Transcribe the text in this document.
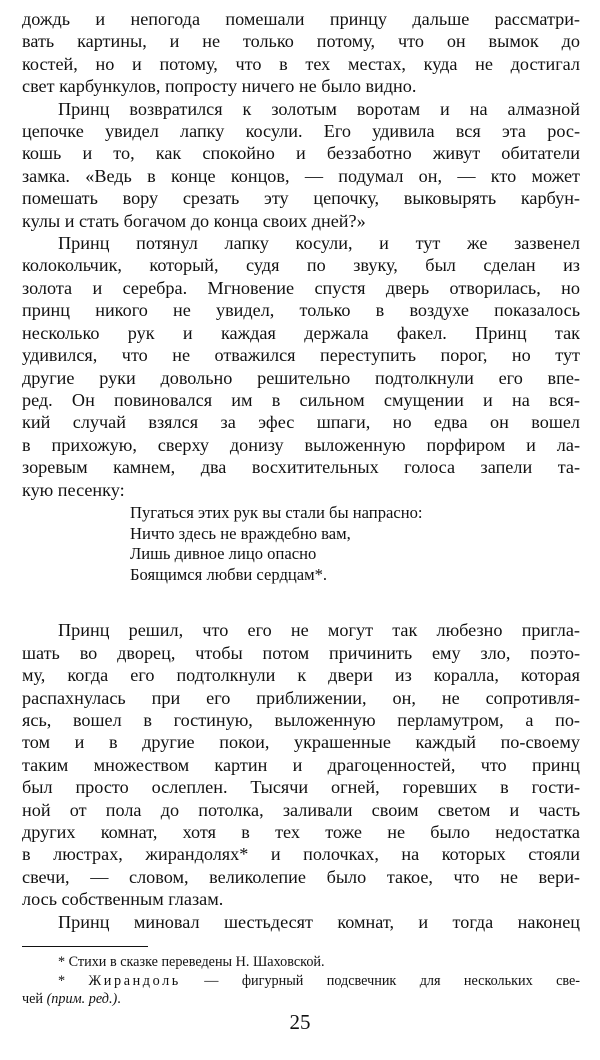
дождь и непогода помешали принцу дальше рассматри-
вать картины, и не только потому, что он вымок до
костей, но и потому, что в тех местах, куда не достигал
свет карбункулов, попросту ничего не было видно.
Принц возвратился к золотым воротам и на алмазной
цепочке увидел лапку косули. Его удивила вся эта рос-
кошь и то, как спокойно и беззаботно живут обитатели
замка. «Ведь в конце концов, — подумал он, — кто может
помешать вору срезать эту цепочку, выковырять карбун-
кулы и стать богачом до конца своих дней?»
Принц потянул лапку косули, и тут же зазвенел
колокольчик, который, судя по звуку, был сделан из
золота и серебра. Мгновение спустя дверь отворилась, но
принц никого не увидел, только в воздухе показалось
несколько рук и каждая держала факел. Принц так
удивился, что не отважился переступить порог, но тут
другие руки довольно решительно подтолкнули его впе-
ред. Он повиновался им в сильном смущении и на вся-
кий случай взялся за эфес шпаги, но едва он вошел
в прихожую, сверху донизу выложенную порфиром и ла-
зоревым камнем, два восхитительных голоса запели та-
кую песенку:
Пугаться этих рук вы стали бы напрасно:
Ничто здесь не враждебно вам,
Лишь дивное лицо опасно
Боящимся любви сердцам*.
Принц решил, что его не могут так любезно пригла-
шать во дворец, чтобы потом причинить ему зло, поэто-
му, когда его подтолкнули к двери из коралла, которая
распахнулась при его приближении, он, не сопротивля-
ясь, вошел в гостиную, выложенную перламутром, а по-
том и в другие покои, украшенные каждый по-своему
таким множеством картин и драгоценностей, что принц
был просто ослеплен. Тысячи огней, горевших в гости-
ной от пола до потолка, заливали своим светом и часть
других комнат, хотя в тех тоже не было недостатка
в люстрах, жирандолях* и полочках, на которых стояли
свечи, — словом, великолепие было такое, что не вери-
лось собственным глазам.
Принц миновал шестьдесят комнат, и тогда наконец
* Стихи в сказке переведены Н. Шаховской.
* Жирандоль — фигурный подсвечник для нескольких све-
чей (прим. ред.).
25
